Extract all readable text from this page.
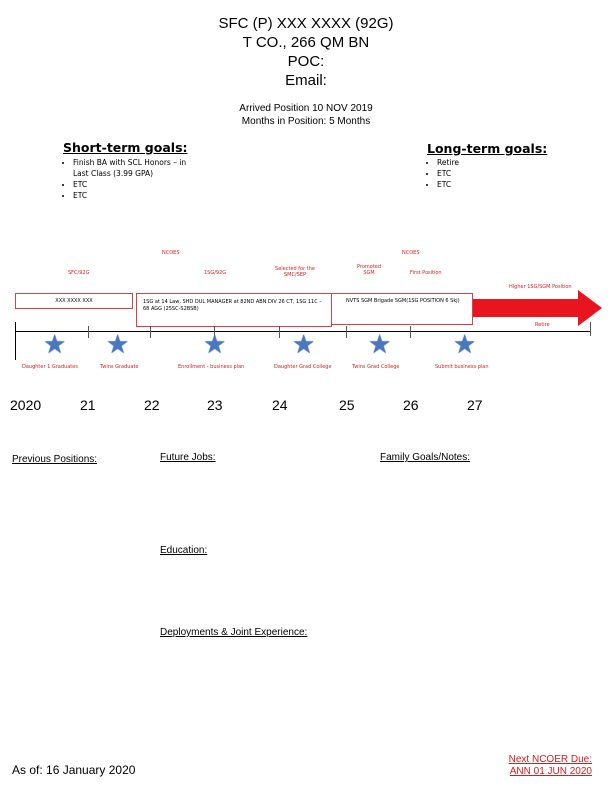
SFC (P) XXX XXXX (92G)
T CO., 266 QM BN
POC:
Email:
Arrived Position 10 NOV 2019
Months in Position: 5 Months
Short-term goals:
• Finish BA with SCL Honors – in Last Class (3.99 GPA)
• ETC
• ETC
Long-term goals:
• Retire
• ETC
• ETC
NCOES	NCOES
SFC/92G	1SG/92G
Selected for the SMC/SEP
Promoted SGM	First Position
Higher 1SG/SGM Position
XXX XXXX XXX	1SG at 14 Law, SHD DUL MANAGER at 82ND ABN DIV 26 CT, 1SG 11C – 68 AGG (25SC-S2BSB)
NVTS SGM Brigade SGM(1SG POSITION 6 Skj)
Retire
★ ★	★	★ ★ ★
Daughter 1 Graduates	Twins Graduate	Enrollment - business plan	Daughter Grad College	Twins Grad College	Submit business plan
2020	21	22	23	24	25	26	27
Previous Positions:	Future Jobs:	Family Goals/Notes:
Education:
Deployments & Joint Experience:
As of: 16 January 2020
Next NCOER Due:
ANN 01 JUN 2020
